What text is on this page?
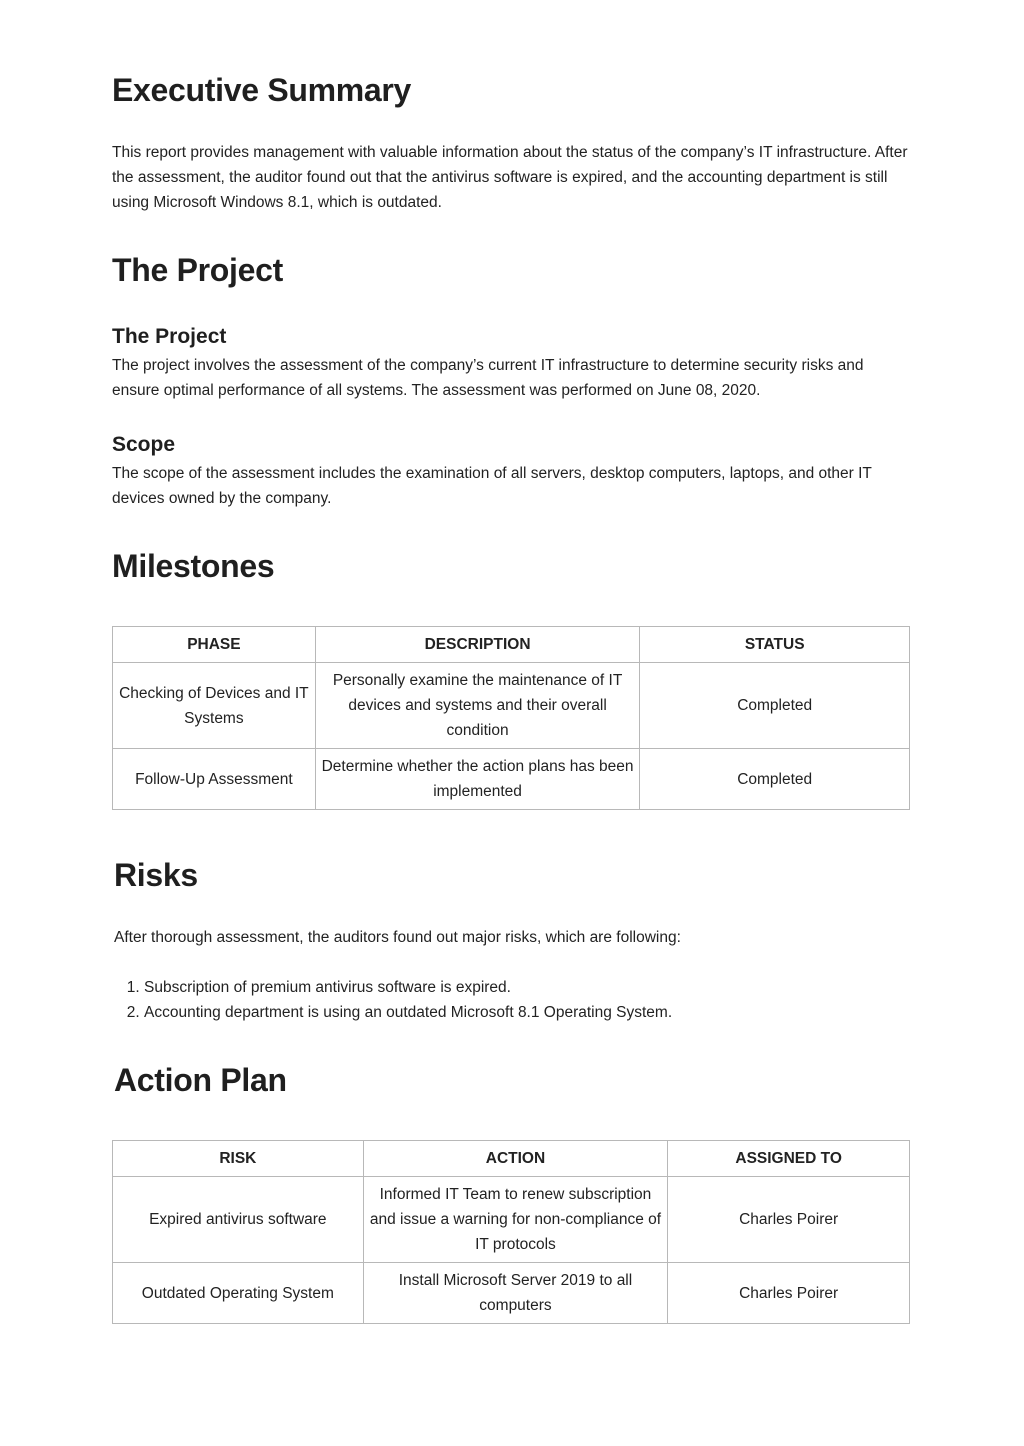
Executive Summary

This report provides management with valuable information about the status of the company’s IT infrastructure. After the assessment, the auditor found out that the antivirus software is expired, and the accounting department is still using Microsoft Windows 8.1, which is outdated.

The Project
The Project

The project involves the assessment of the company’s current IT infrastructure to determine security risks and ensure optimal performance of all systems. The assessment was performed on June 08, 2020.

Scope

The scope of the assessment includes the examination of all servers, desktop computers, laptops, and other IT devices owned by the company.

Milestones
PHASE	DESCRIPTION	STATUS
Checking of Devices and IT Systems	Personally examine the maintenance of IT devices and systems and their overall condition	Completed
Follow-Up Assessment	Determine whether the action plans has been implemented	Completed
Risks

After thorough assessment, the auditors found out major risks, which are following:

1. Subscription of premium antivirus software is expired.
2. Accounting department is using an outdated Microsoft 8.1 Operating System.
Action Plan
RISK	ACTION	ASSIGNED TO
Expired antivirus software	Informed IT Team to renew subscription and issue a warning for non-compliance of IT protocols	Charles Poirer
Outdated Operating System	Install Microsoft Server 2019 to all computers	Charles Poirer
